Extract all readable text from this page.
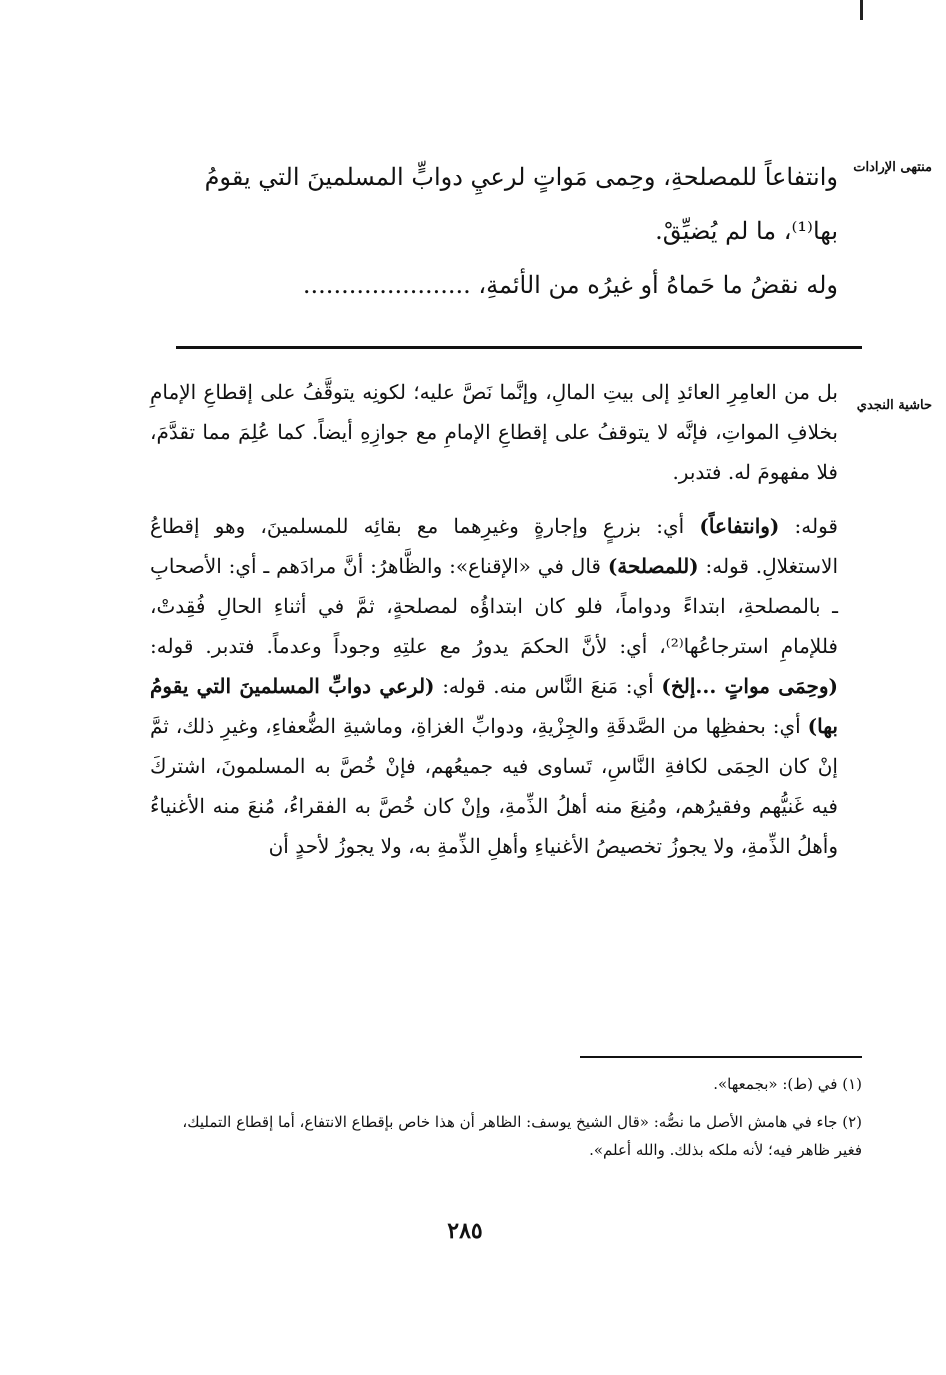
منتهى الإرادات
حاشية النجدي
وانتفاعاً للمصلحةِ، وحِمى مَواتٍ لرعيِ دوابٍّ المسلمينَ التي يقومُ
بها⁽¹⁾، ما لم يُضيِّقْ.
وله نقضُ ما حَماهُ أو غيرُه من الأئمةِ، ......................

بل من العامِرِ العائدِ إلى بيتِ المالِ، وإنَّما نَصَّ عليه؛ لكونِه يتوقَّفُ على إقطاعِ الإمامِ بخلافِ المواتِ، فإنَّه لا يتوقفُ على إقطاعِ الإمامِ مع جوازِهِ أيضاً. كما عُلِمَ مما تقدَّمَ، فلا مفهومَ له. فتدبر.

قوله: (وانتفاعاً) أي: بزرعٍ وإجارةٍ وغيرِهما مع بقائِه للمسلمينَ، وهو إقطاعُ الاستغلالِ. قوله: (للمصلحة) قال في «الإقناع»: والظَّاهرُ: أنَّ مرادَهم ـ أي: الأصحابِ ـ بالمصلحةِ، ابتداءً ودواماً، فلو كان ابتداؤُه لمصلحةٍ، ثمَّ في أثناءِ الحالِ فُقِدتْ، فللإمامِ استرجاعُها⁽²⁾، أي: لأنَّ الحكمَ يدورُ مع علتِهِ وجوداً وعدماً. فتدبر. قوله: (وحِمَى مواتٍ ...إلخ) أي: مَنعَ النَّاس منه. قوله: (لرعي دوابِّ المسلمينَ التي يقومُ بها) أي: بحفظِها من الصَّدقَةِ والجِزْيةِ، ودوابِّ الغزاةِ، وماشيةِ الضُّعفاءِ، وغيرِ ذلك، ثمَّ إنْ كان الحِمَى لكافةِ النَّاسِ، تَساوى فيه جميعُهم، فإنْ خُصَّ به المسلمونَ، اشتركَ فيه غَنيُّهم وفقيرُهم، ومُنِعَ منه أهلُ الذِّمةِ، وإنْ كان خُصَّ به الفقراءُ، مُنعَ منه الأغنياءُ وأهلُ الذِّمةِ، ولا يجوزُ تخصيصُ الأغنياءِ وأهلِ الذِّمةِ به، ولا يجوزُ لأحدٍ أن

(١) في (ط): «بجمعها».

(٢) جاء في هامش الأصل ما نصُّه: «قال الشيخ يوسف: الظاهر أن هذا خاص بإقطاع الانتفاع، أما إقطاع التمليك، فغير ظاهر فيه؛ لأنه ملكه بذلك. والله أعلم».

٢٨٥
